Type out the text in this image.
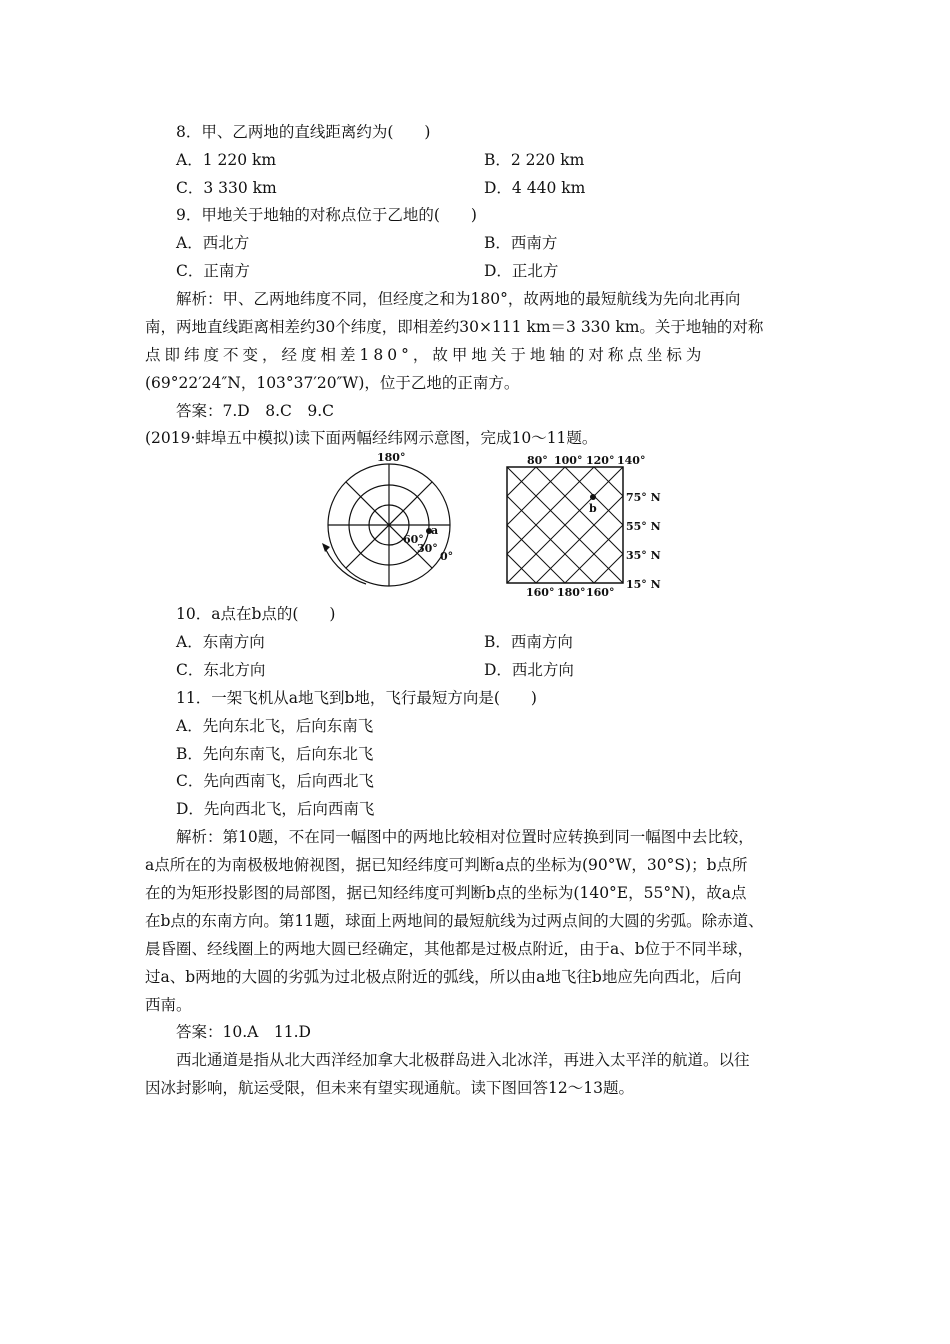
8．甲、乙两地的直线距离约为(　　)
A．1 220 km	B．2 220 km
C．3 330 km	D．4 440 km
9．甲地关于地轴的对称点位于乙地的(　　)
A．西北方	B．西南方
C．正南方	D．正北方
解析：甲、乙两地纬度不同，但经度之和为180°，故两地的最短航线为先向北再向
南，两地直线距离相差约30个纬度，即相差约30×111 km＝3 330 km。关于地轴的对称
点即纬度不变，经度相差180°，故甲地关于地轴的对称点坐标为
(69°22′24″N，103°37′20″W)，位于乙地的正南方。
答案：7.D　8.C　9.C
(2019·蚌埠五中模拟)读下面两幅经纬网示意图，完成10～11题。
180°
60°
30°
0°
a
b
80° 100° 120° 140°
160° 180° 160°
75° N
55° N
35° N
15° N
10．a点在b点的(　　)
A．东南方向	B．西南方向
C．东北方向	D．西北方向
11．一架飞机从a地飞到b地，飞行最短方向是(　　)
A．先向东北飞，后向东南飞
B．先向东南飞，后向东北飞
C．先向西南飞，后向西北飞
D．先向西北飞，后向西南飞
解析：第10题，不在同一幅图中的两地比较相对位置时应转换到同一幅图中去比较，
a点所在的为南极极地俯视图，据已知经纬度可判断a点的坐标为(90°W，30°S)；b点所
在的为矩形投影图的局部图，据已知经纬度可判断b点的坐标为(140°E，55°N)，故a点
在b点的东南方向。第11题，球面上两地间的最短航线为过两点间的大圆的劣弧。除赤道、
晨昏圈、经线圈上的两地大圆已经确定，其他都是过极点附近，由于a、b位于不同半球，
过a、b两地的大圆的劣弧为过北极点附近的弧线，所以由a地飞往b地应先向西北，后向
西南。
答案：10.A　11.D
西北通道是指从北大西洋经加拿大北极群岛进入北冰洋，再进入太平洋的航道。以往
因冰封影响，航运受限，但未来有望实现通航。读下图回答12～13题。
